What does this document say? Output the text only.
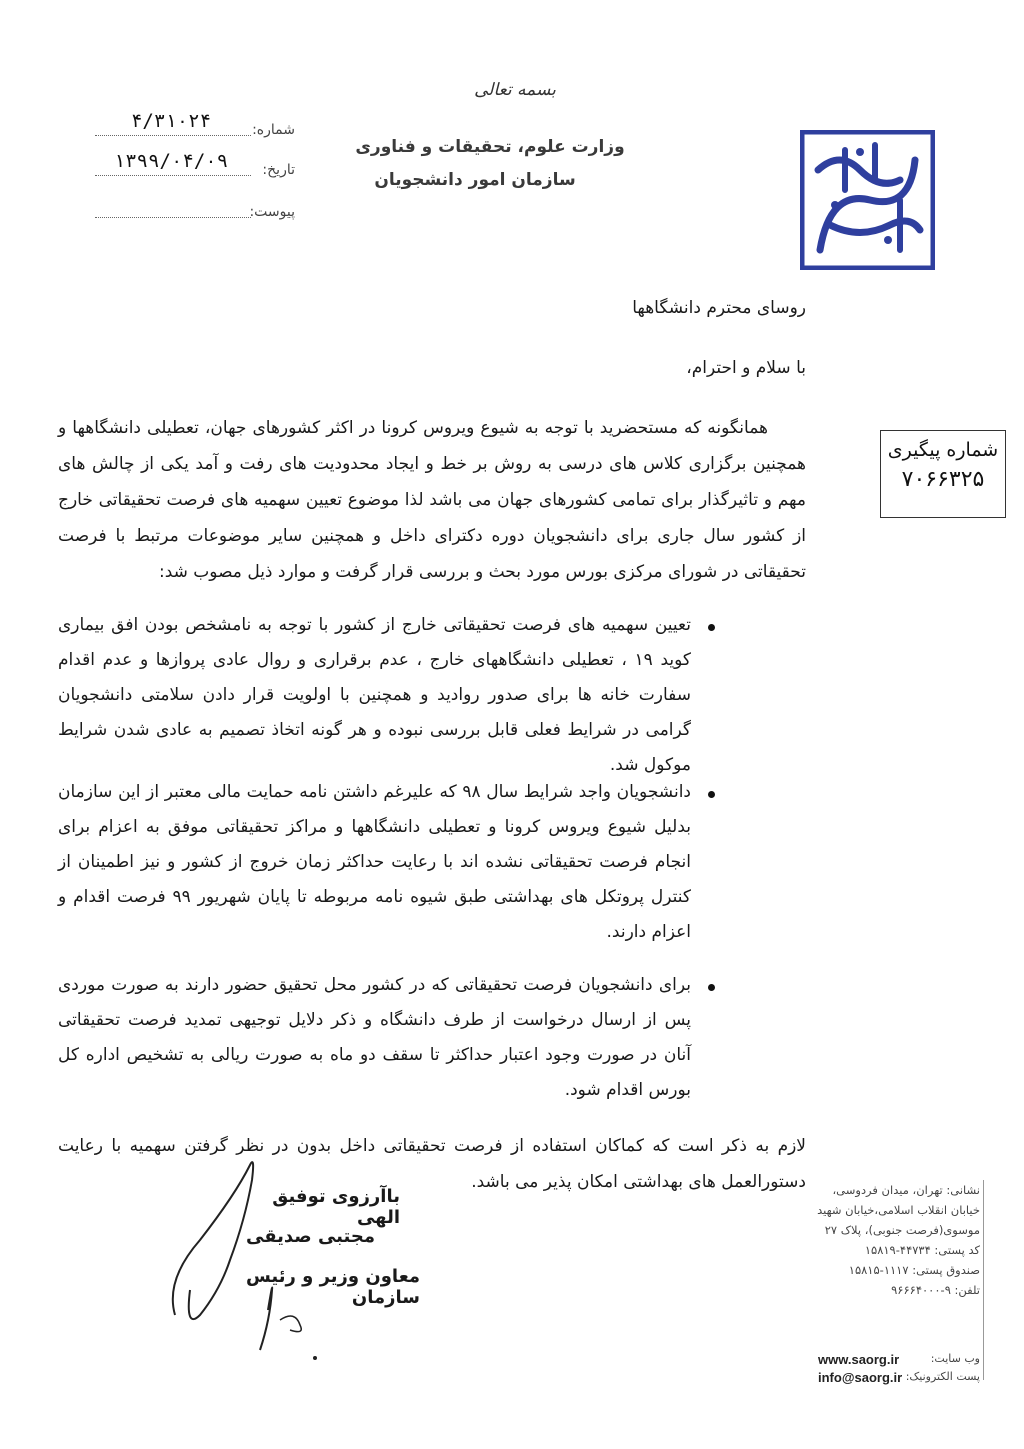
بسمه تعالی
وزارت علوم، تحقیقات و فناوری
سازمان امور دانشجویان
شماره:
۴/۳۱۰۲۴
تاریخ:
۱۳۹۹/۰۴/۰۹
پیوست:
شماره پیگیری
۷۰۶۶۳۲۵
روسای محترم دانشگاهها
با سلام و احترام،
همانگونه که مستحضرید با توجه به شیوع ویروس کرونا در اکثر کشورهای جهان، تعطیلی دانشگاهها و همچنین برگزاری کلاس های درسی به روش بر خط و ایجاد محدودیت های رفت و آمد یکی از چالش های مهم و تاثیرگذار برای تمامی کشورهای جهان می باشد لذا موضوع تعیین سهمیه های فرصت تحقیقاتی خارج از کشور سال جاری برای دانشجویان دوره دکترای داخل و همچنین سایر موضوعات مرتبط با فرصت تحقیقاتی در شورای مرکزی بورس مورد بحث و بررسی قرار گرفت و موارد ذیل مصوب شد:
تعیین سهمیه های فرصت تحقیقاتی خارج از کشور با توجه به نامشخص بودن افق بیماری کوید ۱۹ ، تعطیلی دانشگاههای خارج ، عدم برقراری و روال عادی پروازها و عدم اقدام سفارت خانه ها برای صدور روادید و همچنین با اولویت قرار دادن سلامتی دانشجویان گرامی در شرایط فعلی قابل بررسی نبوده و هر گونه اتخاذ تصمیم به عادی شدن شرایط موکول شد.
دانشجویان واجد شرایط سال ۹۸ که علیرغم داشتن نامه حمایت مالی معتبر از این سازمان بدلیل شیوع ویروس کرونا و تعطیلی دانشگاهها و مراکز تحقیقاتی موفق به اعزام برای انجام فرصت تحقیقاتی نشده اند با رعایت حداکثر زمان خروج از کشور و نیز اطمینان از کنترل پروتکل های بهداشتی طبق شیوه نامه مربوطه تا پایان شهریور ۹۹ فرصت اقدام و اعزام دارند.
برای دانشجویان فرصت تحقیقاتی که در کشور محل تحقیق حضور دارند به صورت موردی پس از ارسال درخواست از طرف دانشگاه و ذکر دلایل توجیهی تمدید فرصت تحقیقاتی آنان در صورت وجود اعتبار حداکثر تا سقف دو ماه به صورت ریالی به تشخیص اداره کل بورس اقدام شود.
لازم به ذکر است که کماکان استفاده از فرصت تحقیقاتی داخل بدون در نظر گرفتن سهمیه با رعایت دستورالعمل های بهداشتی امکان پذیر می باشد.
باآرزوی توفیق الهی
مجتبی صدیقی
معاون وزیر و رئیس سازمان
نشانی: تهران، میدان فردوسی،
خیابان انقلاب اسلامی،خیابان شهید
موسوی(فرصت جنوبی)، پلاک ۲۷
کد پستی: ۴۴۷۳۴-۱۵۸۱۹
صندوق پستی: ۱۱۱۷-۱۵۸۱۵
تلفن: ۹-۹۶۶۶۴۰۰۰
وب سایت:
www.saorg.ir
پست الکترونیک:
info@saorg.ir
